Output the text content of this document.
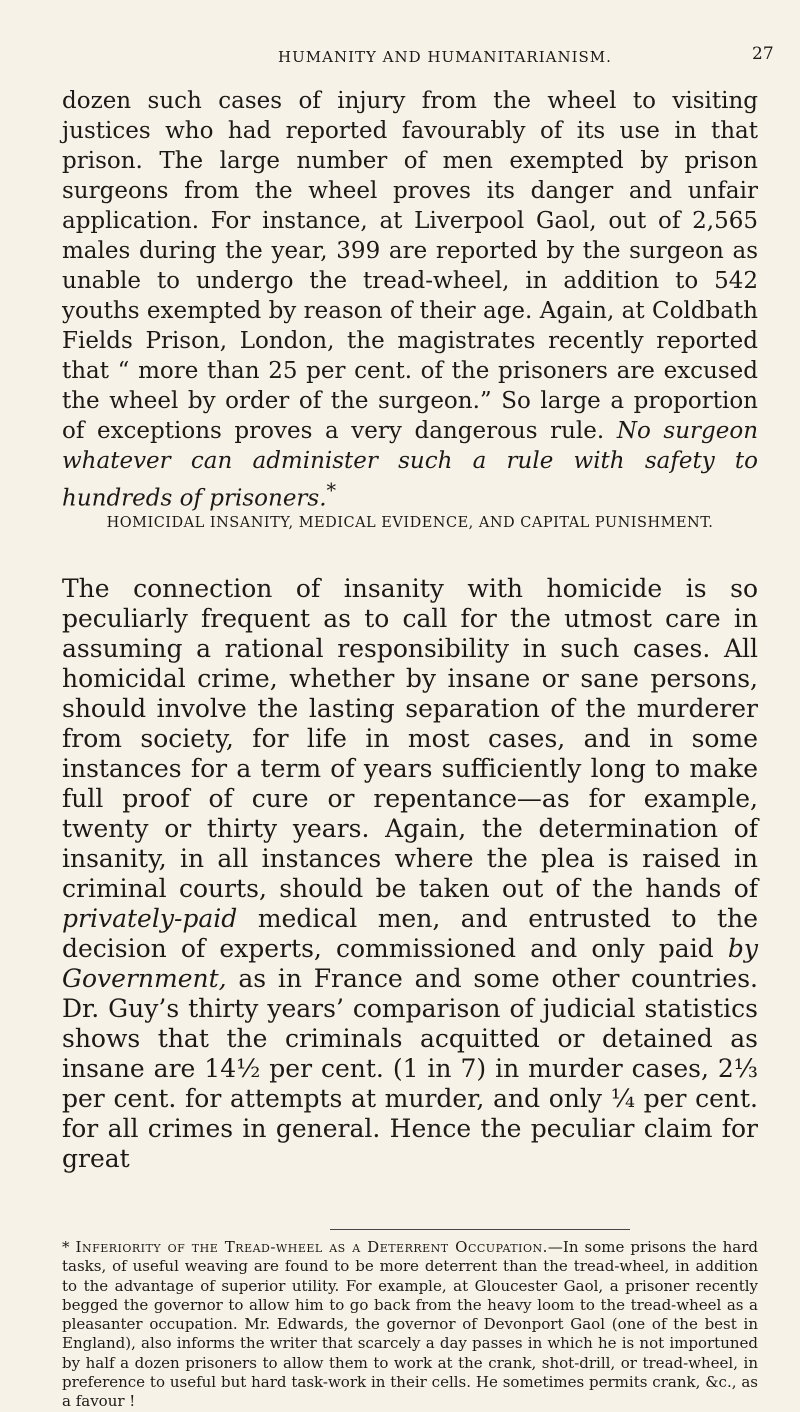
HUMANITY AND HUMANITARIANISM.	27

dozen such cases of injury from the wheel to visiting justices who had reported favourably of its use in that prison. The large number of men exempted by prison surgeons from the wheel proves its danger and unfair application. For instance, at Liverpool Gaol, out of 2,565 males during the year, 399 are reported by the surgeon as unable to undergo the tread-wheel, in addition to 542 youths exempted by reason of their age. Again, at Coldbath Fields Prison, London, the magistrates recently reported that “ more than 25 per cent. of the prisoners are excused the wheel by order of the surgeon.” So large a proportion of exceptions proves a very dangerous rule. No surgeon whatever can administer such a rule with safety to hundreds of prisoners.*

HOMICIDAL INSANITY, MEDICAL EVIDENCE, AND CAPITAL PUNISHMENT.

The connection of insanity with homicide is so peculiarly frequent as to call for the utmost care in assuming a rational responsibility in such cases. All homicidal crime, whether by insane or sane persons, should involve the lasting separation of the murderer from society, for life in most cases, and in some instances for a term of years sufficiently long to make full proof of cure or repentance—as for example, twenty or thirty years. Again, the determination of insanity, in all instances where the plea is raised in criminal courts, should be taken out of the hands of privately-paid medical men, and entrusted to the decision of experts, commissioned and only paid by Government, as in France and some other countries. Dr. Guy’s thirty years’ comparison of judicial statistics shows that the criminals acquitted or detained as insane are 14½ per cent. (1 in 7) in murder cases, 2⅓ per cent. for attempts at murder, and only ¼ per cent. for all crimes in general. Hence the peculiar claim for great

* Inferiority of the Tread-wheel as a Deterrent Occupation.—In some prisons the hard tasks, of useful weaving are found to be more deterrent than the tread-wheel, in addition to the advantage of superior utility. For example, at Gloucester Gaol, a prisoner recently begged the governor to allow him to go back from the heavy loom to the tread-wheel as a pleasanter occupation. Mr. Edwards, the governor of Devonport Gaol (one of the best in England), also informs the writer that scarcely a day passes in which he is not importuned by half a dozen prisoners to allow them to work at the crank, shot-drill, or tread-wheel, in preference to useful but hard task-work in their cells. He sometimes permits crank, &c., as a favour !
